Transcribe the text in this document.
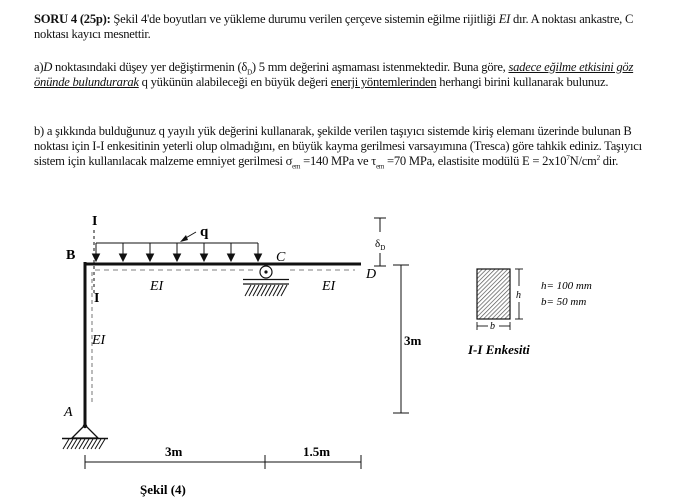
SORU 4 (25p): Şekil 4'de boyutları ve yükleme durumu verilen çerçeve sistemin eğilme rijitliği EI dır. A noktası ankastre, C noktası kayıcı mesnettir.
a)D noktasındaki düşey yer değiştirmenin $(\delta_D)$ 5 mm değerini aşmaması istenmektedir. Buna göre, sadece eğilme etkisini göz önünde bulundurarak q yükünün alabileceği en büyük değeri enerji yöntemlerinden herhangi birini kullanarak bulunuz.
b) a şıkkında bulduğunuz q yayılı yük değerini kullanarak, şekilde verilen taşıyıcı sistemde kiriş elemanı üzerinde bulunan B noktası için I-I enkesitinin yeterli olup olmadığını, en büyük kayma gerilmesi varsayımına (Tresca) göre tahkik ediniz. Taşıyıcı sistem için kullanılacak malzeme emniyet gerilmesi $\sigma_{em} =140$ MPa ve $\tau_{em} =70$ MPa, elastisite modülü $E = 2x10^7N/cm^2$ dir.
I
I
q
B	C
D
A
EI	EI
EI
$\delta_D$
3m
3m	1.5m
Şekil (4)
h
b
h= 100 mm
b= 50 mm
I-I Enkesiti
